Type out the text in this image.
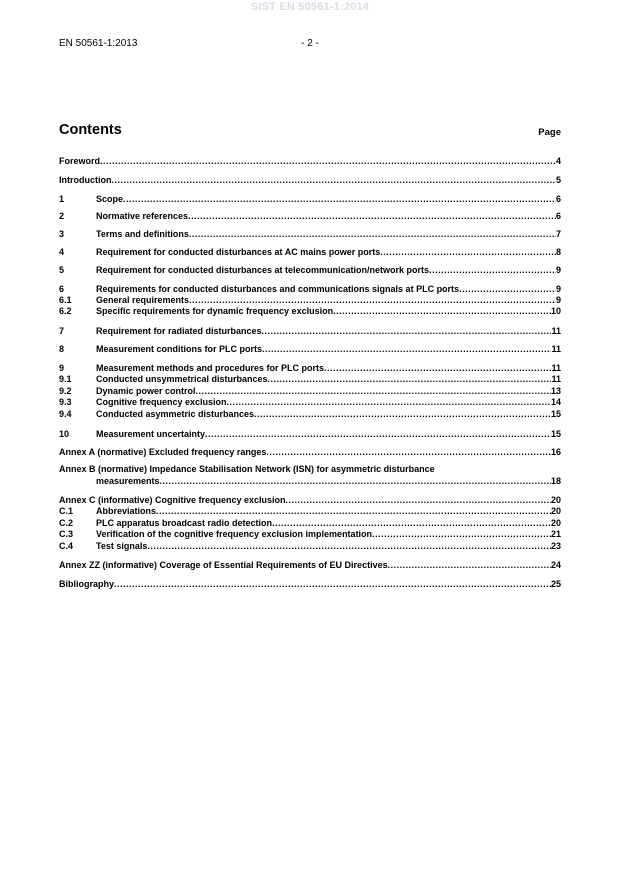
SIST EN 50561-1:2014
EN 50561-1:2013	- 2 -
Contents	Page
Foreword .....	4
Introduction .....	5
1	Scope .....	6
2	Normative references .....	6
3	Terms and definitions .....	7
4	Requirement for conducted disturbances at AC mains power ports .....	8
5	Requirement for conducted disturbances at telecommunication/network ports .....	9
6	Requirements for conducted disturbances and communications signals at PLC ports .....	9
6.1	General requirements .....	9
6.2	Specific requirements for dynamic frequency exclusion .....	10
7	Requirement for radiated disturbances .....	11
8	Measurement conditions for PLC ports .....	11
9	Measurement methods and procedures for PLC ports .....	11
9.1	Conducted unsymmetrical disturbances .....	11
9.2	Dynamic power control .....	13
9.3	Cognitive frequency exclusion .....	14
9.4	Conducted asymmetric disturbances .....	15
10	Measurement uncertainty .....	15
Annex A (normative) Excluded frequency ranges .....	16
Annex B (normative) Impedance Stabilisation Network (ISN) for asymmetric disturbance
measurements .....	18
Annex C (informative) Cognitive frequency exclusion .....	20
C.1	Abbreviations .....	20
C.2	PLC apparatus broadcast radio detection .....	20
C.3	Verification of the cognitive frequency exclusion implementation .....	21
C.4	Test signals .....	23
Annex ZZ (informative) Coverage of Essential Requirements of EU Directives .....	24
Bibliography .....	25
